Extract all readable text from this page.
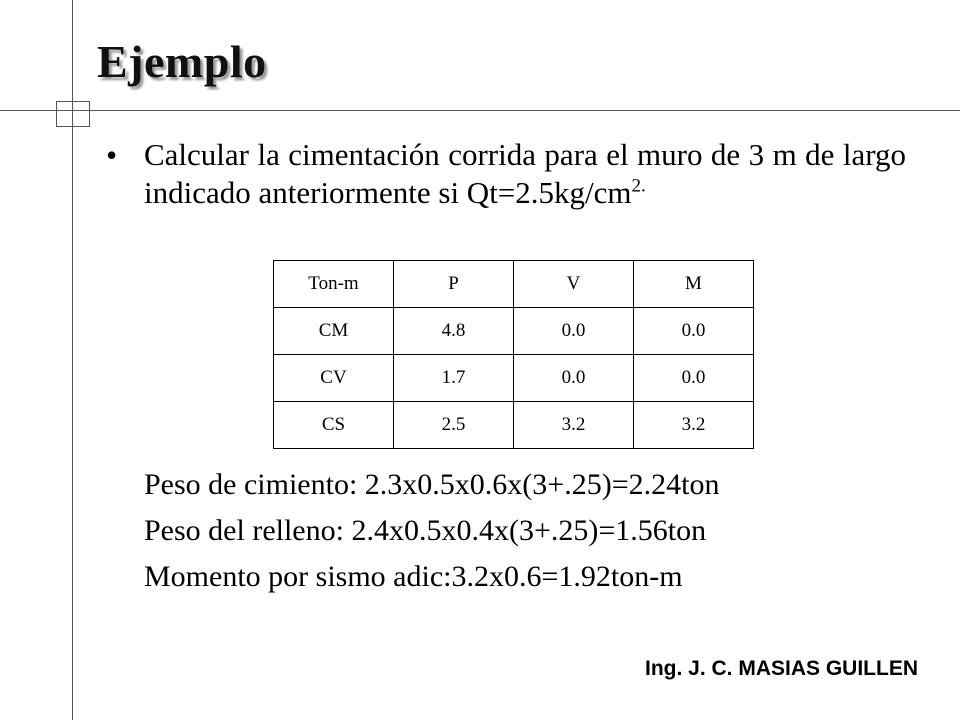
Ejemplo
• Calcular la cimentación corrida para el muro de 3 m de largo indicado anteriormente si $Qt=2.5kg/cm^{2.}$
Ton-m	P	V	M
CM	4.8	0.0	0.0
CV	1.7	0.0	0.0
CS	2.5	3.2	3.2
Peso de cimiento: 2.3x0.5x0.6x(3+.25)=2.24ton
Peso del relleno: 2.4x0.5x0.4x(3+.25)=1.56ton
Momento por sismo adic:3.2x0.6=1.92ton-m
Ing. J. C. MASIAS GUILLEN
